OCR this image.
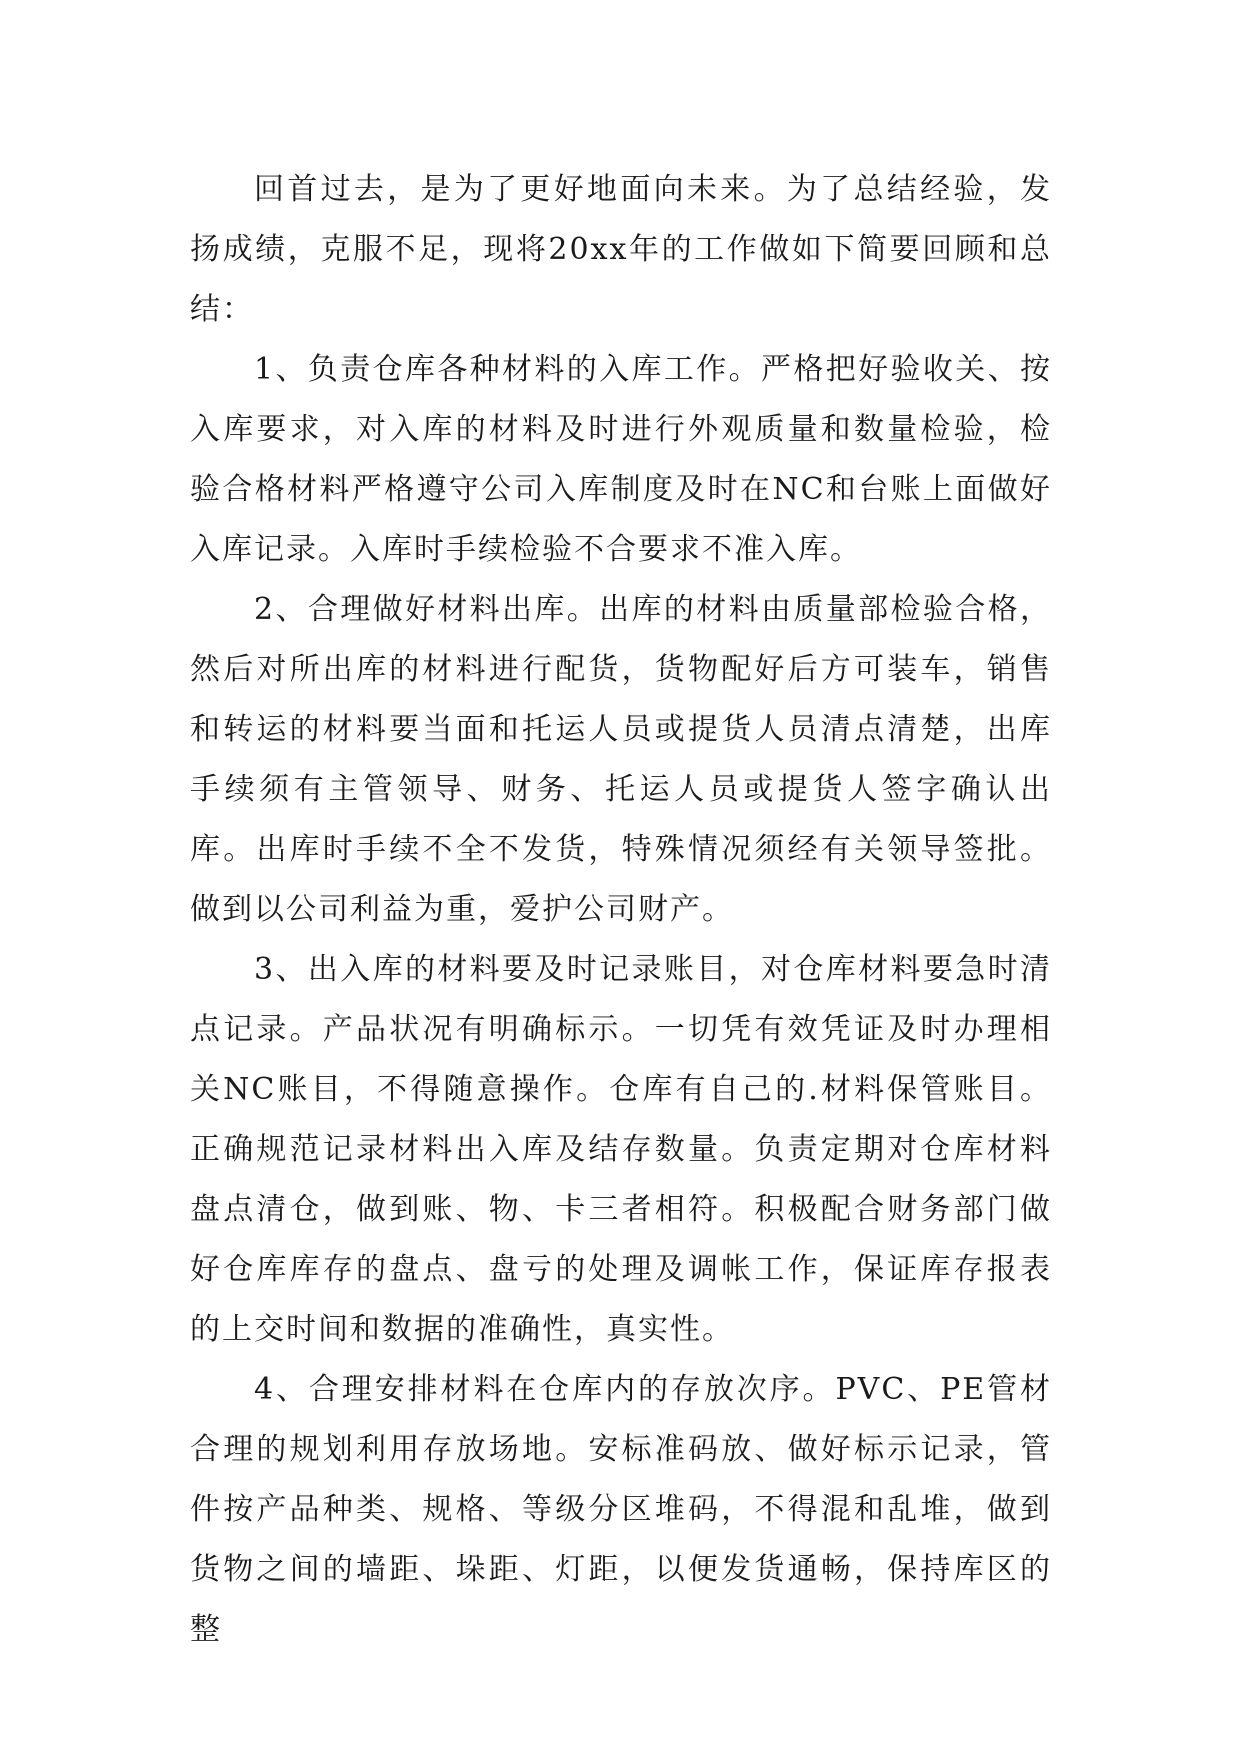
回首过去，是为了更好地面向未来。为了总结经验，发扬成绩，克服不足，现将20xx年的工作做如下简要回顾和总结：

1、负责仓库各种材料的入库工作。严格把好验收关、按入库要求，对入库的材料及时进行外观质量和数量检验，检验合格材料严格遵守公司入库制度及时在NC和台账上面做好入库记录。入库时手续检验不合要求不准入库。

2、合理做好材料出库。出库的材料由质量部检验合格，然后对所出库的材料进行配货，货物配好后方可装车，销售和转运的材料要当面和托运人员或提货人员清点清楚，出库手续须有主管领导、财务、托运人员或提货人签字确认出库。出库时手续不全不发货，特殊情况须经有关领导签批。做到以公司利益为重，爱护公司财产。

3、出入库的材料要及时记录账目，对仓库材料要急时清点记录。产品状况有明确标示。一切凭有效凭证及时办理相关NC账目，不得随意操作。仓库有自己的.材料保管账目。正确规范记录材料出入库及结存数量。负责定期对仓库材料盘点清仓，做到账、物、卡三者相符。积极配合财务部门做好仓库库存的盘点、盘亏的处理及调帐工作，保证库存报表的上交时间和数据的准确性，真实性。

4、合理安排材料在仓库内的存放次序。PVC、PE管材合理的规划利用存放场地。安标准码放、做好标示记录，管件按产品种类、规格、等级分区堆码，不得混和乱堆，做到货物之间的墙距、垛距、灯距，以便发货通畅，保持库区的整
